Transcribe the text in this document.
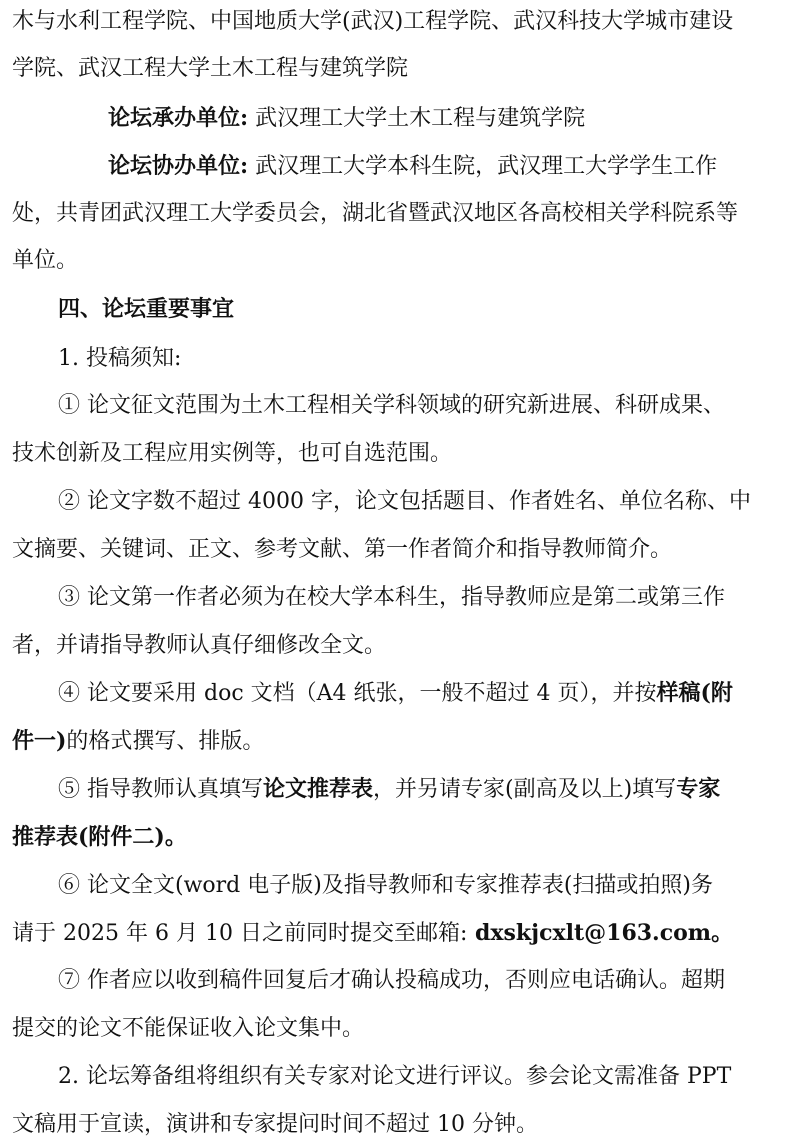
木与水利工程学院、中国地质大学(武汉)工程学院、武汉科技大学城市建设
学院、武汉工程大学土木工程与建筑学院
论坛承办单位: 武汉理工大学土木工程与建筑学院
论坛协办单位: 武汉理工大学本科生院，武汉理工大学学生工作
处，共青团武汉理工大学委员会，湖北省暨武汉地区各高校相关学科院系等
单位。
四、论坛重要事宜
1. 投稿须知:
① 论文征文范围为土木工程相关学科领域的研究新进展、科研成果、
技术创新及工程应用实例等，也可自选范围。
② 论文字数不超过 4000 字，论文包括题目、作者姓名、单位名称、中
文摘要、关键词、正文、参考文献、第一作者简介和指导教师简介。
③ 论文第一作者必须为在校大学本科生，指导教师应是第二或第三作
者，并请指导教师认真仔细修改全文。
④ 论文要采用 doc 文档（A4 纸张，一般不超过 4 页），并按样稿(附
件一)的格式撰写、排版。
⑤ 指导教师认真填写论文推荐表，并另请专家(副高及以上)填写专家
推荐表(附件二)。
⑥ 论文全文(word 电子版)及指导教师和专家推荐表(扫描或拍照)务
请于 2025 年 6 月 10 日之前同时提交至邮箱: dxskjcxlt@163.com。
⑦ 作者应以收到稿件回复后才确认投稿成功，否则应电话确认。超期
提交的论文不能保证收入论文集中。
2. 论坛筹备组将组织有关专家对论文进行评议。参会论文需准备 PPT
文稿用于宣读，演讲和专家提问时间不超过 10 分钟。
